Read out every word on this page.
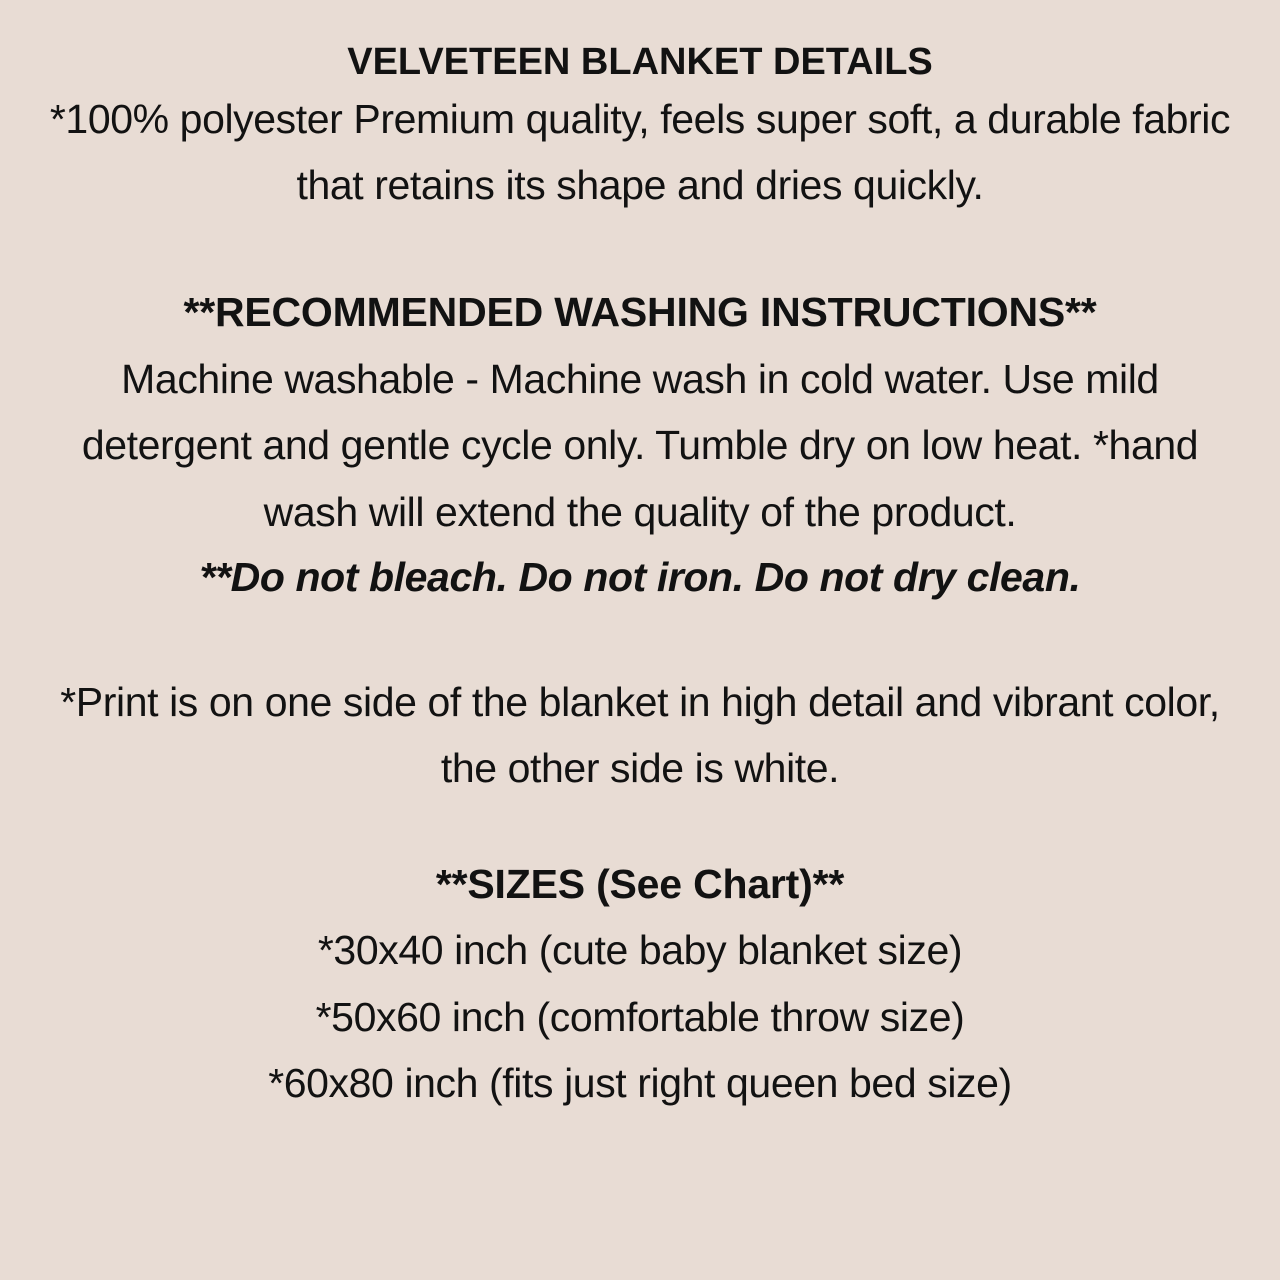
VELVETEEN BLANKET DETAILS
*100% polyester Premium quality, feels super soft, a durable fabric that retains its shape and dries quickly.
**RECOMMENDED WASHING INSTRUCTIONS**
Machine washable - Machine wash in cold water. Use mild detergent and gentle cycle only. Tumble dry on low heat. *hand wash will extend the quality of the product.
**Do not bleach. Do not iron. Do not dry clean.
*Print is on one side of the blanket in high detail and vibrant color, the other side is white.
**SIZES (See Chart)**
*30x40 inch (cute baby blanket size)
*50x60 inch (comfortable throw size)
*60x80 inch (fits just right queen bed size)
